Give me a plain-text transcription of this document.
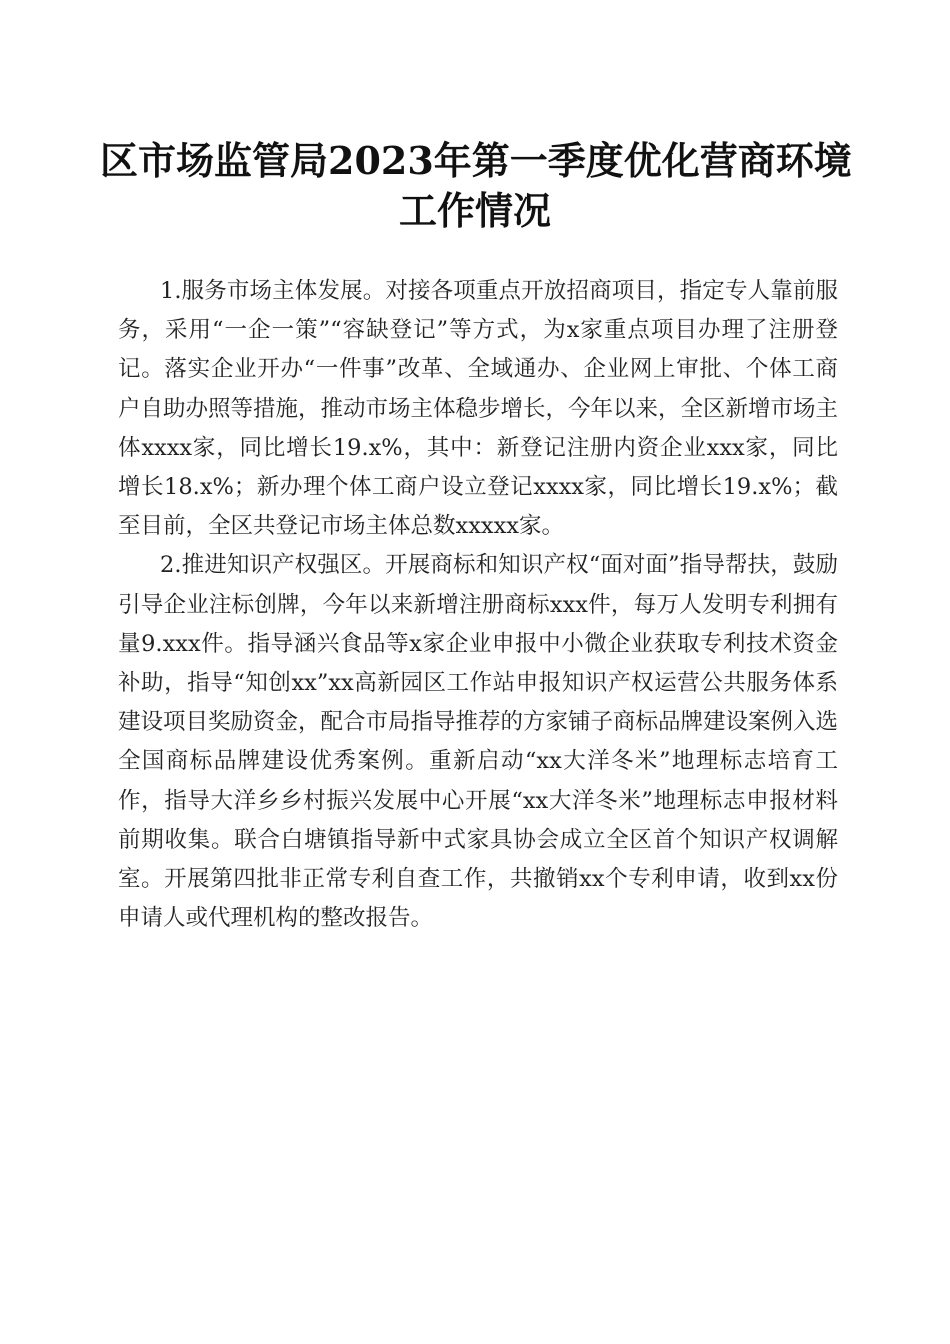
区市场监管局2023年第一季度优化营商环境
工作情况

1.服务市场主体发展。对接各项重点开放招商项目，指定专人靠前服务，采用“一企一策”“容缺登记”等方式，为x家重点项目办理了注册登记。落实企业开办“一件事”改革、全域通办、企业网上审批、个体工商户自助办照等措施，推动市场主体稳步增长，今年以来，全区新增市场主体xxxx家，同比增长19.x%，其中：新登记注册内资企业xxx家，同比增长18.x%；新办理个体工商户设立登记xxxx家，同比增长19.x%；截至目前，全区共登记市场主体总数xxxxx家。

2.推进知识产权强区。开展商标和知识产权“面对面”指导帮扶，鼓励引导企业注标创牌，今年以来新增注册商标xxx件，每万人发明专利拥有量9.xxx件。指导涵兴食品等x家企业申报中小微企业获取专利技术资金补助，指导“知创xx”xx高新园区工作站申报知识产权运营公共服务体系建设项目奖励资金，配合市局指导推荐的方家铺子商标品牌建设案例入选全国商标品牌建设优秀案例。重新启动“xx大洋冬米”地理标志培育工作，指导大洋乡乡村振兴发展中心开展“xx大洋冬米”地理标志申报材料前期收集。联合白塘镇指导新中式家具协会成立全区首个知识产权调解室。开展第四批非正常专利自查工作，共撤销xx个专利申请，收到xx份申请人或代理机构的整改报告。
